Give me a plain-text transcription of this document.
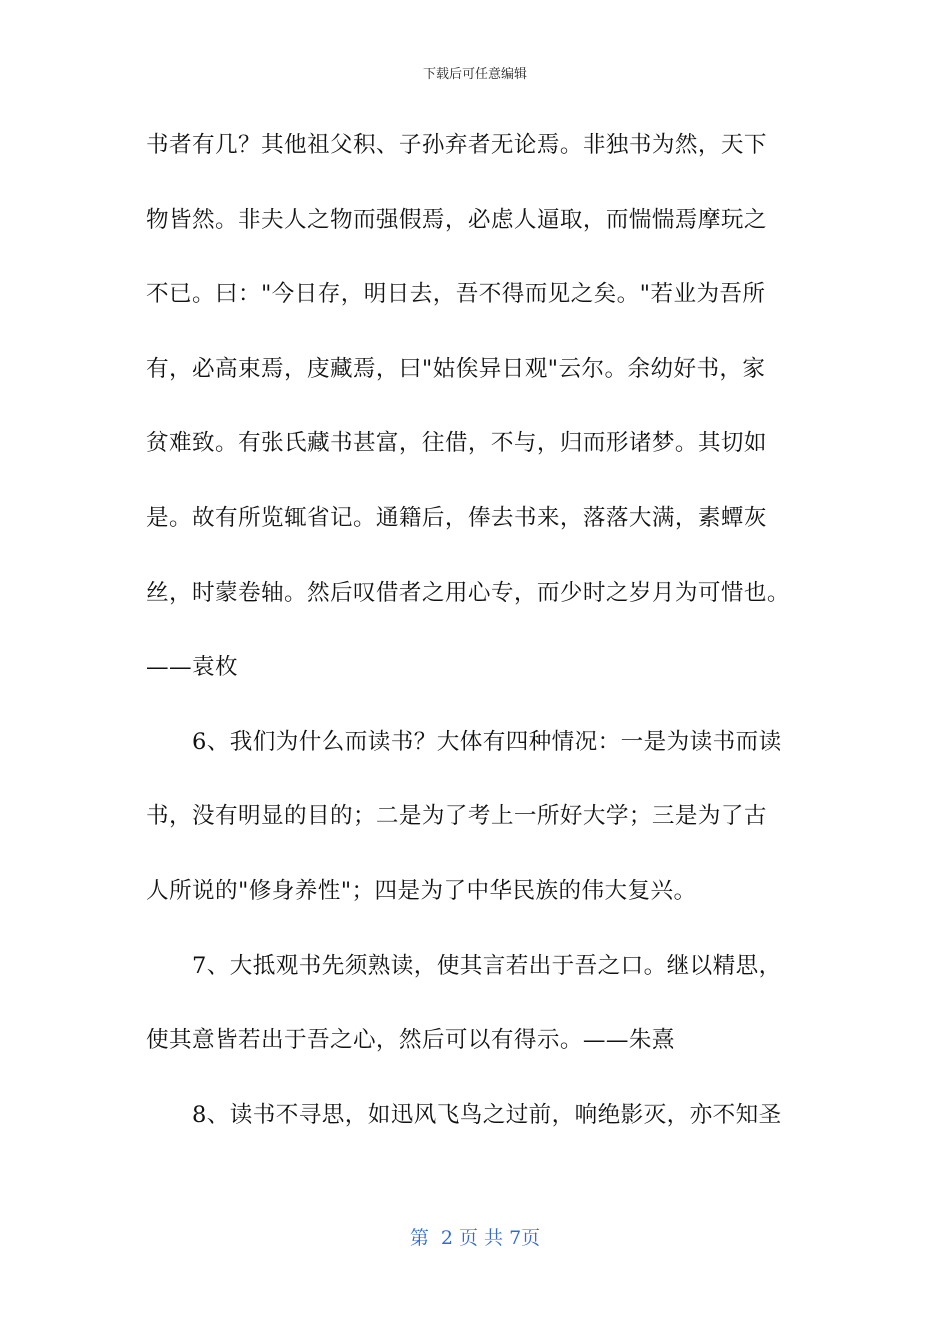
下载后可任意编辑
书者有几？其他祖父积、子孙弃者无论焉。非独书为然，天下
物皆然。非夫人之物而强假焉，必虑人逼取，而惴惴焉摩玩之
不已。曰："今日存，明日去，吾不得而见之矣。"若业为吾所
有，必高束焉，庋藏焉，曰"姑俟异日观"云尔。余幼好书，家
贫难致。有张氏藏书甚富，往借，不与，归而形诸梦。其切如
是。故有所览辄省记。通籍后，俸去书来，落落大满，素蟫灰
丝，时蒙卷轴。然后叹借者之用心专，而少时之岁月为可惜也。
——袁枚
6、我们为什么而读书？大体有四种情况：一是为读书而读
书，没有明显的目的；二是为了考上一所好大学；三是为了古
人所说的"修身养性"；四是为了中华民族的伟大复兴。
7、大抵观书先须熟读，使其言若出于吾之口。继以精思，
使其意皆若出于吾之心，然后可以有得示。——朱熹
8、读书不寻思，如迅风飞鸟之过前，响绝影灭，亦不知圣
第  2 页 共 7页
